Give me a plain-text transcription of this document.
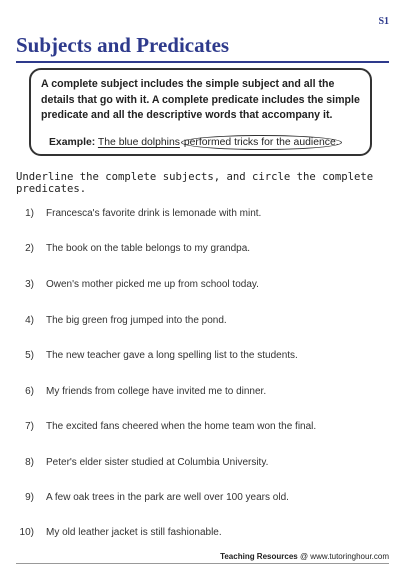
S1
Subjects and Predicates
A complete subject includes the simple subject and all the details that go with it. A complete predicate includes the simple predicate and all the descriptive words that accompany it.
Example: The blue dolphins performed tricks for the audience.
Underline the complete subjects, and circle the complete predicates.
1) Francesca's favorite drink is lemonade with mint.
2) The book on the table belongs to my grandpa.
3) Owen's mother picked me up from school today.
4) The big green frog jumped into the pond.
5) The new teacher gave a long spelling list to the students.
6) My friends from college have invited me to dinner.
7) The excited fans cheered when the home team won the final.
8) Peter's elder sister studied at Columbia University.
9) A few oak trees in the park are well over 100 years old.
10) My old leather jacket is still fashionable.
Teaching Resources @ www.tutoringhour.com
